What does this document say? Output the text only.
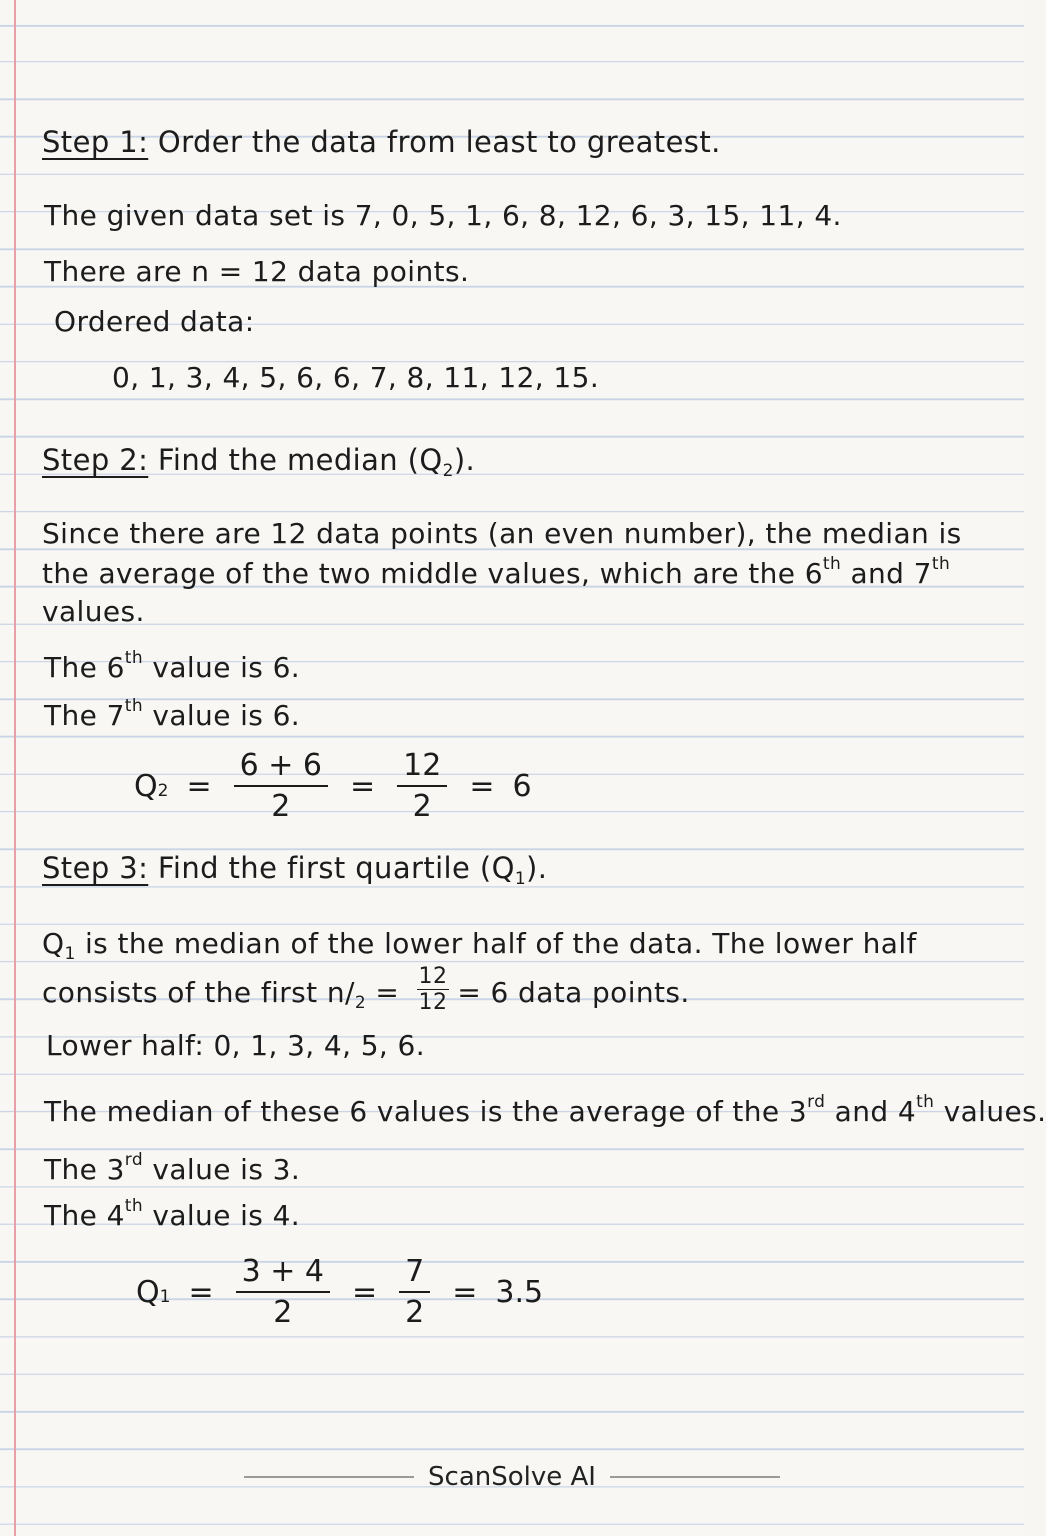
Step 1: Order the data from least to greatest.
The given data set is 7, 0, 5, 1, 6, 8, 12, 6, 3, 15, 11, 4.
There are n = 12 data points.
Ordered data:
0, 1, 3, 4, 5, 6, 6, 7, 8, 11, 12, 15.
Step 2: Find the median $(Q_2)$.
Since there are 12 data points (an even number), the median is
the average of the two middle values, which are the 6th and 7th
values.
The 6th value is 6.
The 7th value is 6.
Q $2 = \frac{6 + 6}{2} = \frac{12}{2} = 6$
Step 3: Find the first quartile $(Q_1)$.
$Q_1$ is the median of the lower half of the data. The lower half
consists of the first $n/_2 = \frac{12}{12} = 6$ data points.
Lower half: 0, 1, 3, 4, 5, 6.
The median of these 6 values is the average of the 3rd and 4th values.
The 3rd value is 3.
The 4th value is 4.
Q $1 = \frac{3 + 4}{2} = \frac{7}{2} = 3.5$
ScanSolve AI
